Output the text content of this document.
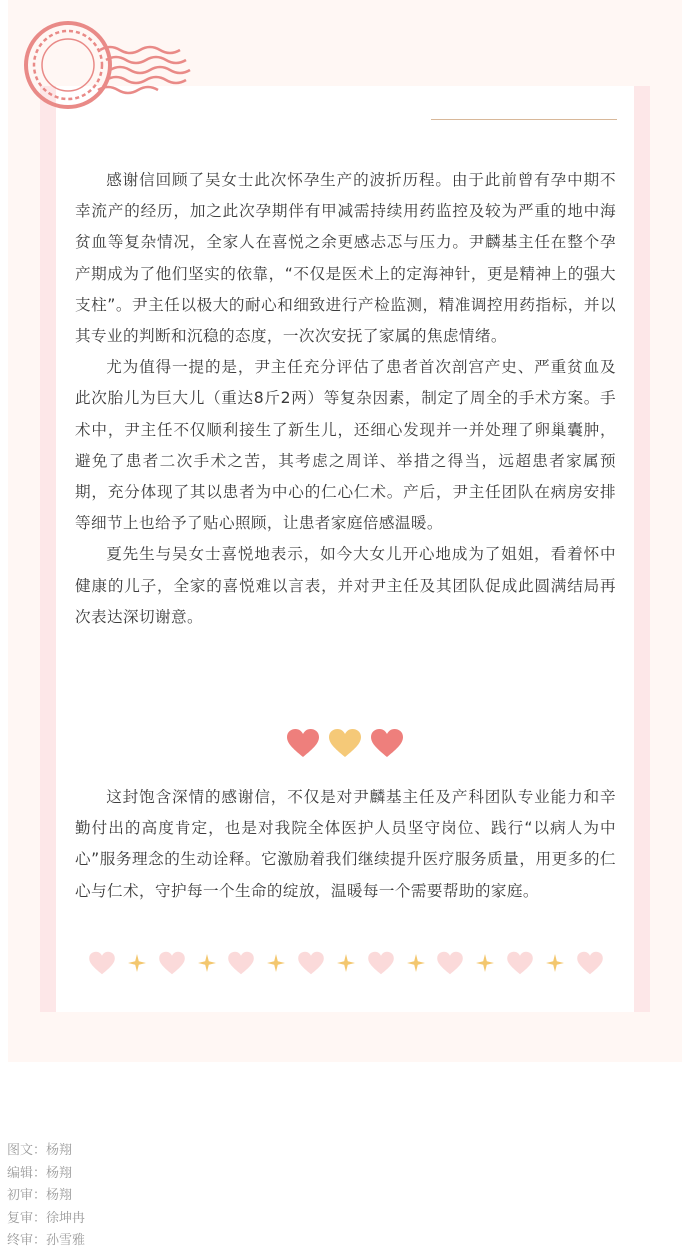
感谢信回顾了吴女士此次怀孕生产的波折历程。由于此前曾有孕中期不幸流产的经历，加之此次孕期伴有甲减需持续用药监控及较为严重的地中海贫血等复杂情况，全家人在喜悦之余更感忐忑与压力。尹麟基主任在整个孕产期成为了他们坚实的依靠，“不仅是医术上的定海神针，更是精神上的强大支柱”。尹主任以极大的耐心和细致进行产检监测，精准调控用药指标，并以其专业的判断和沉稳的态度，一次次安抚了家属的焦虑情绪。

尤为值得一提的是，尹主任充分评估了患者首次剖宫产史、严重贫血及此次胎儿为巨大儿（重达8斤2两）等复杂因素，制定了周全的手术方案。手术中，尹主任不仅顺利接生了新生儿，还细心发现并一并处理了卵巢囊肿，避免了患者二次手术之苦，其考虑之周详、举措之得当，远超患者家属预期，充分体现了其以患者为中心的仁心仁术。产后，尹主任团队在病房安排等细节上也给予了贴心照顾，让患者家庭倍感温暖。

夏先生与吴女士喜悦地表示，如今大女儿开心地成为了姐姐，看着怀中健康的儿子，全家的喜悦难以言表，并对尹主任及其团队促成此圆满结局再次表达深切谢意。

这封饱含深情的感谢信，不仅是对尹麟基主任及产科团队专业能力和辛勤付出的高度肯定，也是对我院全体医护人员坚守岗位、践行“以病人为中心”服务理念的生动诠释。它激励着我们继续提升医疗服务质量，用更多的仁心与仁术，守护每一个生命的绽放，温暖每一个需要帮助的家庭。

图文：杨翔
编辑：杨翔
初审：杨翔
复审：徐坤冉
终审：孙雪雅
